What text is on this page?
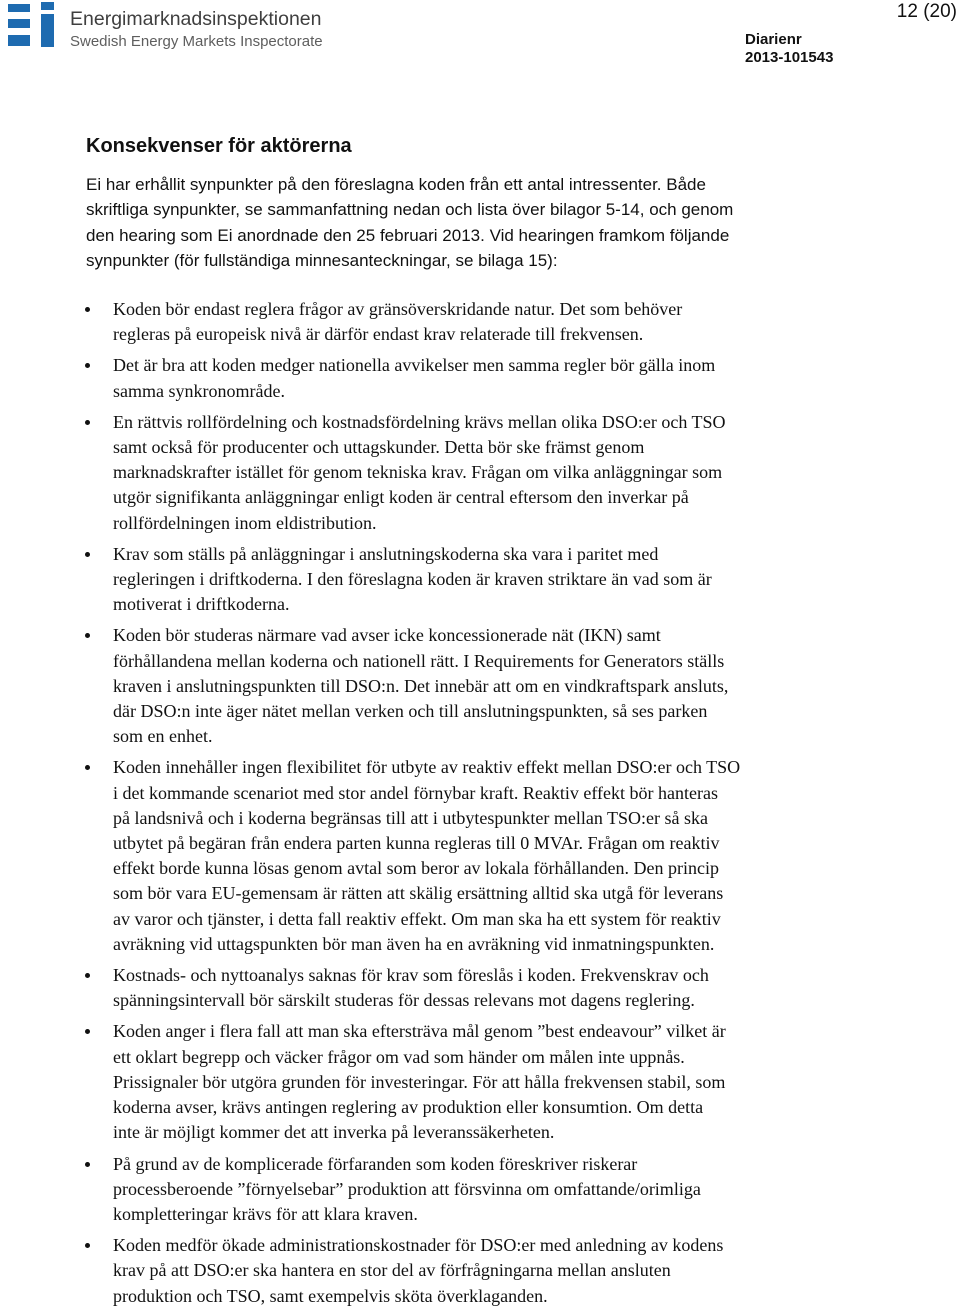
Energimarknadsinspektionen
Swedish Energy Markets Inspectorate
12 (20)
Diarienr
2013-101543
Konsekvenser för aktörerna
Ei har erhållit synpunkter på den föreslagna koden från ett antal intressenter. Både
skriftliga synpunkter, se sammanfattning nedan och lista över bilagor 5-14, och genom
den hearing som Ei anordnade den 25 februari 2013. Vid hearingen framkom följande
synpunkter (för fullständiga minnesanteckningar, se bilaga 15):
Koden bör endast reglera frågor av gränsöverskridande natur. Det som behöver
regleras på europeisk nivå är därför endast krav relaterade till frekvensen.
Det är bra att koden medger nationella avvikelser men samma regler bör gälla inom
samma synkronområde.
En rättvis rollfördelning och kostnadsfördelning krävs mellan olika DSO:er och TSO
samt också för producenter och uttagskunder. Detta bör ske främst genom
marknadskrafter istället för genom tekniska krav. Frågan om vilka anläggningar som
utgör signifikanta anläggningar enligt koden är central eftersom den inverkar på
rollfördelningen inom eldistribution.
Krav som ställs på anläggningar i anslutningskoderna ska vara i paritet med
regleringen i driftkoderna. I den föreslagna koden är kraven striktare än vad som är
motiverat i driftkoderna.
Koden bör studeras närmare vad avser icke koncessionerade nät (IKN) samt
förhållandena mellan koderna och nationell rätt. I Requirements for Generators ställs
kraven i anslutningspunkten till DSO:n. Det innebär att om en vindkraftspark ansluts,
där DSO:n inte äger nätet mellan verken och till anslutningspunkten, så ses parken
som en enhet.
Koden innehåller ingen flexibilitet för utbyte av reaktiv effekt mellan DSO:er och TSO
i det kommande scenariot med stor andel förnybar kraft. Reaktiv effekt bör hanteras
på landsnivå och i koderna begränsas till att i utbytespunkter mellan TSO:er så ska
utbytet på begäran från endera parten kunna regleras till 0 MVAr. Frågan om reaktiv
effekt borde kunna lösas genom avtal som beror av lokala förhållanden. Den princip
som bör vara EU-gemensam är rätten att skälig ersättning alltid ska utgå för leverans
av varor och tjänster, i detta fall reaktiv effekt. Om man ska ha ett system för reaktiv
avräkning vid uttagspunkten bör man även ha en avräkning vid inmatningspunkten.
Kostnads- och nyttoanalys saknas för krav som föreslås i koden. Frekvenskrav och
spänningsintervall bör särskilt studeras för dessas relevans mot dagens reglering.
Koden anger i flera fall att man ska eftersträva mål genom ”best endeavour” vilket är
ett oklart begrepp och väcker frågor om vad som händer om målen inte uppnås.
Prissignaler bör utgöra grunden för investeringar. För att hålla frekvensen stabil, som
koderna avser, krävs antingen reglering av produktion eller konsumtion. Om detta
inte är möjligt kommer det att inverka på leveranssäkerheten.
På grund av de komplicerade förfaranden som koden föreskriver riskerar
processberoende ”förnyelsebar” produktion att försvinna om omfattande/orimliga
kompletteringar krävs för att klara kraven.
Koden medför ökade administrationskostnader för DSO:er med anledning av kodens
krav på att DSO:er ska hantera en stor del av förfrågningarna mellan ansluten
produktion och TSO, samt exempelvis sköta överklaganden.
